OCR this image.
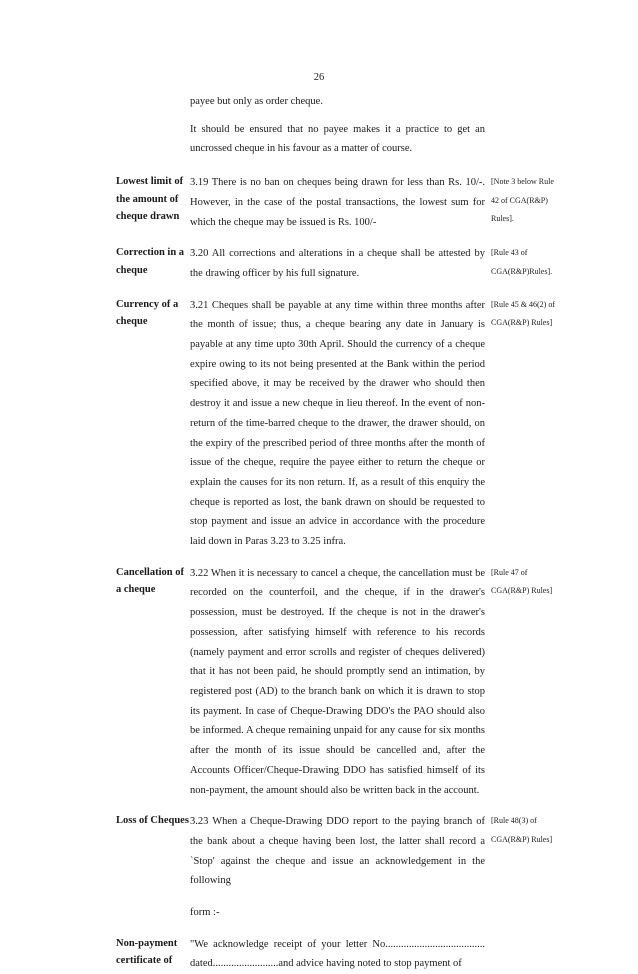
26

payee but only as order cheque.

It should be ensured that no payee makes it a practice to get an uncrossed cheque in his favour as a matter of course.

Lowest limit of the amount of cheque drawn

3.19 There is no ban on cheques being drawn for less than Rs. 10/-. However, in the case of the postal transactions, the lowest sum for which the cheque may be issued is Rs. 100/-

[Note 3 below Rule 42 of CGA(R&P) Rules].
Correction in a cheque

3.20 All corrections and alterations in a cheque shall be attested by the drawing officer by his full signature.

[Rule 43 of CGA(R&P)Rules].
Currency of a cheque

3.21 Cheques shall be payable at any time within three months after the month of issue; thus, a cheque bearing any date in January is payable at any time upto 30th April. Should the currency of a cheque expire owing to its not being presented at the Bank within the period specified above, it may be received by the drawer who should then destroy it and issue a new cheque in lieu thereof. In the event of non-return of the time-barred cheque to the drawer, the drawer should, on the expiry of the prescribed period of three months after the month of issue of the cheque, require the payee either to return the cheque or explain the causes for its non return. If, as a result of this enquiry the cheque is reported as lost, the bank drawn on should be requested to stop payment and issue an advice in accordance with the procedure laid down in Paras 3.23 to 3.25 infra.

[Rule 45 & 46(2) of CGA(R&P) Rules]
Cancellation of a cheque

3.22 When it is necessary to cancel a cheque, the cancellation must be recorded on the counterfoil, and the cheque, if in the drawer's possession, must be destroyed. If the cheque is not in the drawer's possession, after satisfying himself with reference to his records (namely payment and error scrolls and register of cheques delivered) that it has not been paid, he should promptly send an intimation, by registered post (AD) to the branch bank on which it is drawn to stop its payment. In case of Cheque-Drawing DDO's the PAO should also be informed. A cheque remaining unpaid for any cause for six months after the month of its issue should be cancelled and, after the Accounts Officer/Cheque-Drawing DDO has satisfied himself of its non-payment, the amount should also be written back in the account.

[Rule 47 of CGA(R&P) Rules]
Loss of Cheques 3.23 When a Cheque-Drawing DDO report to the paying branch of the bank about a cheque having been lost, the latter shall record a `Stop' against the cheque and issue an acknowledgement in the following

form :-

[Rule 48(3) of CGA(R&P) Rules]
Non-payment certificate of

"We acknowledge receipt of your letter No...................................... dated.........................and advice having noted to stop payment of
